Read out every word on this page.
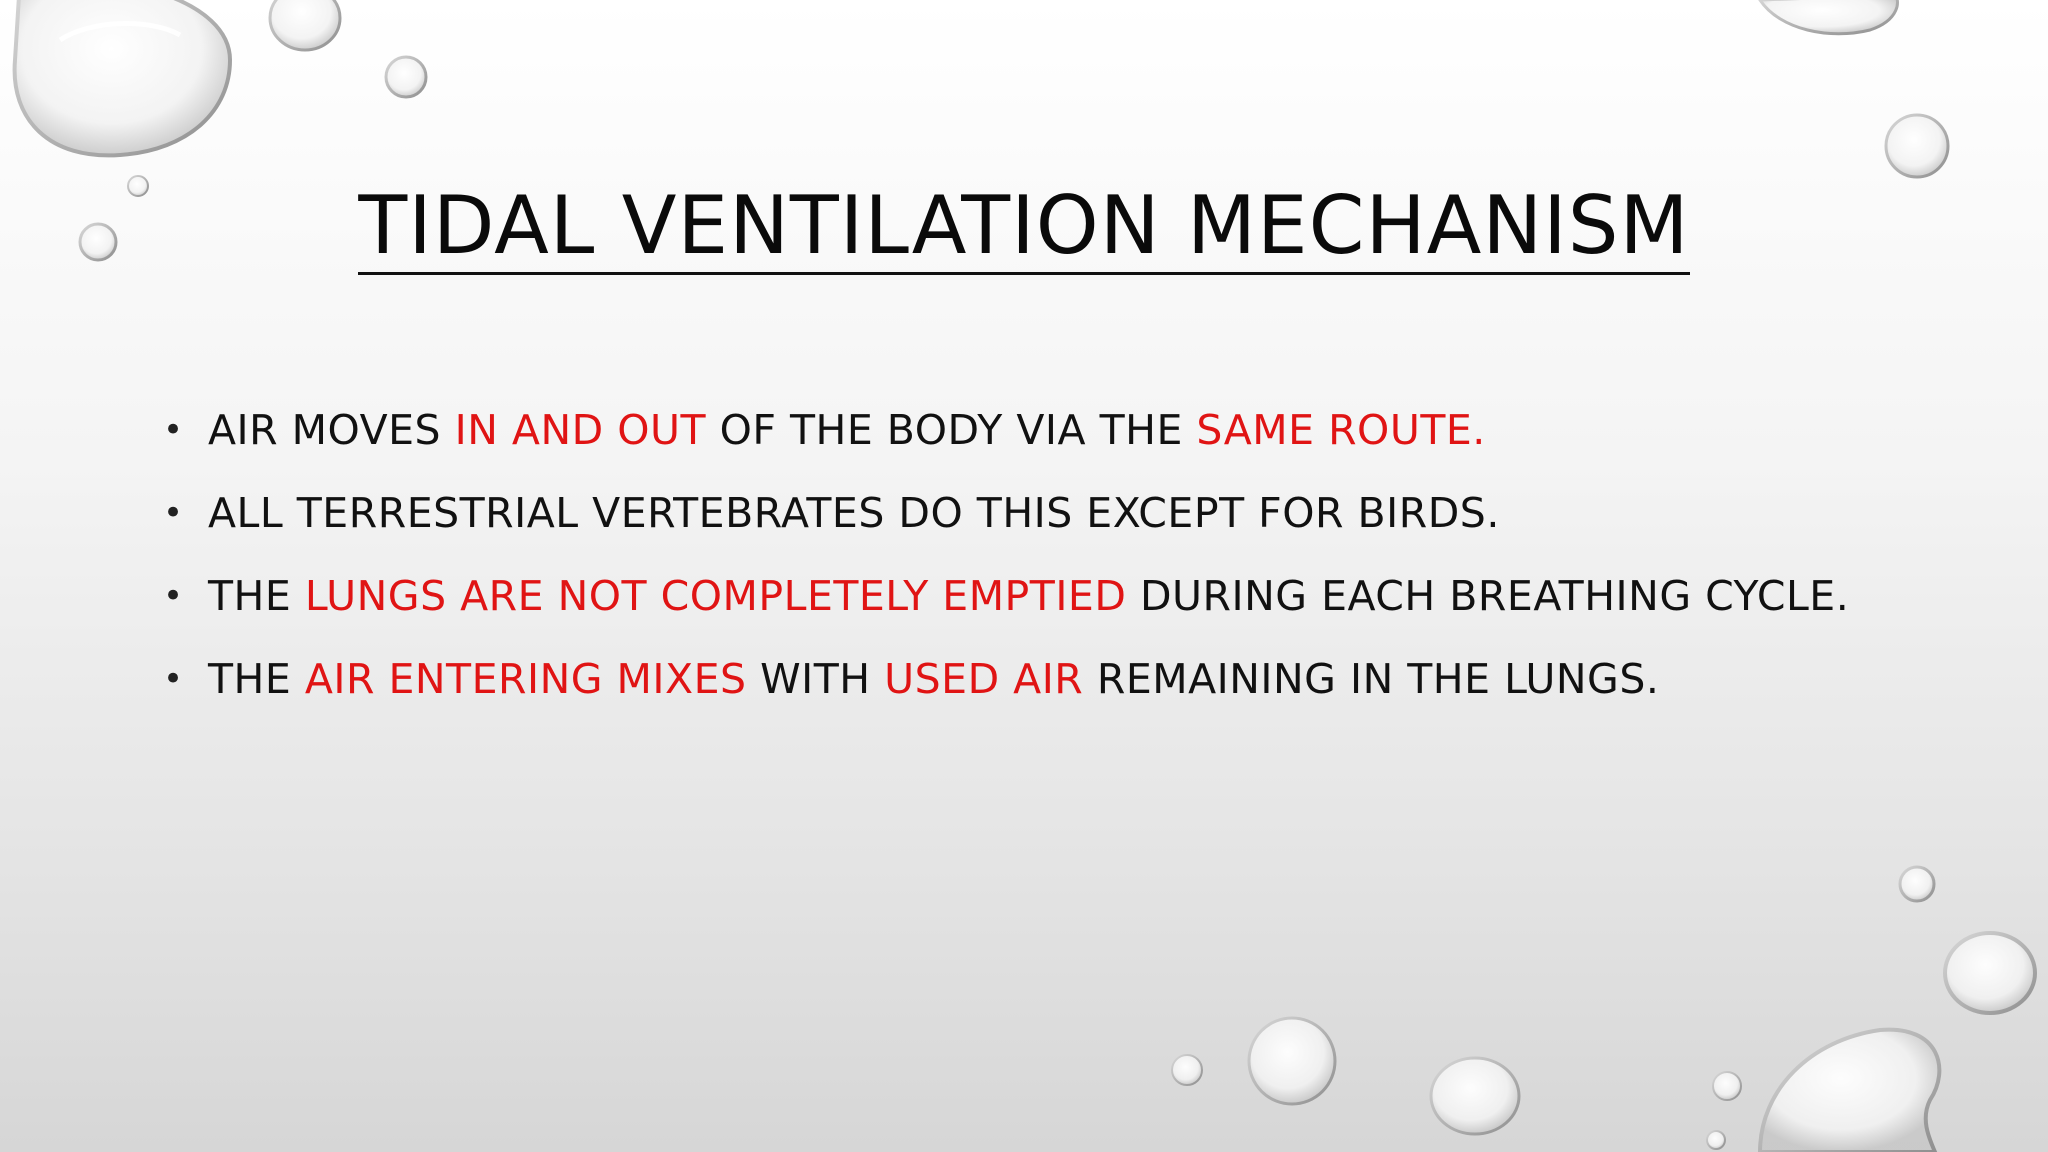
TIDAL VENTILATION MECHANISM
• AIR MOVES IN AND OUT OF THE BODY VIA THE SAME ROUTE.
• ALL TERRESTRIAL VERTEBRATES DO THIS EXCEPT FOR BIRDS.
• THE LUNGS ARE NOT COMPLETELY EMPTIED DURING EACH BREATHING CYCLE.
• THE AIR ENTERING MIXES WITH USED AIR REMAINING IN THE LUNGS.
